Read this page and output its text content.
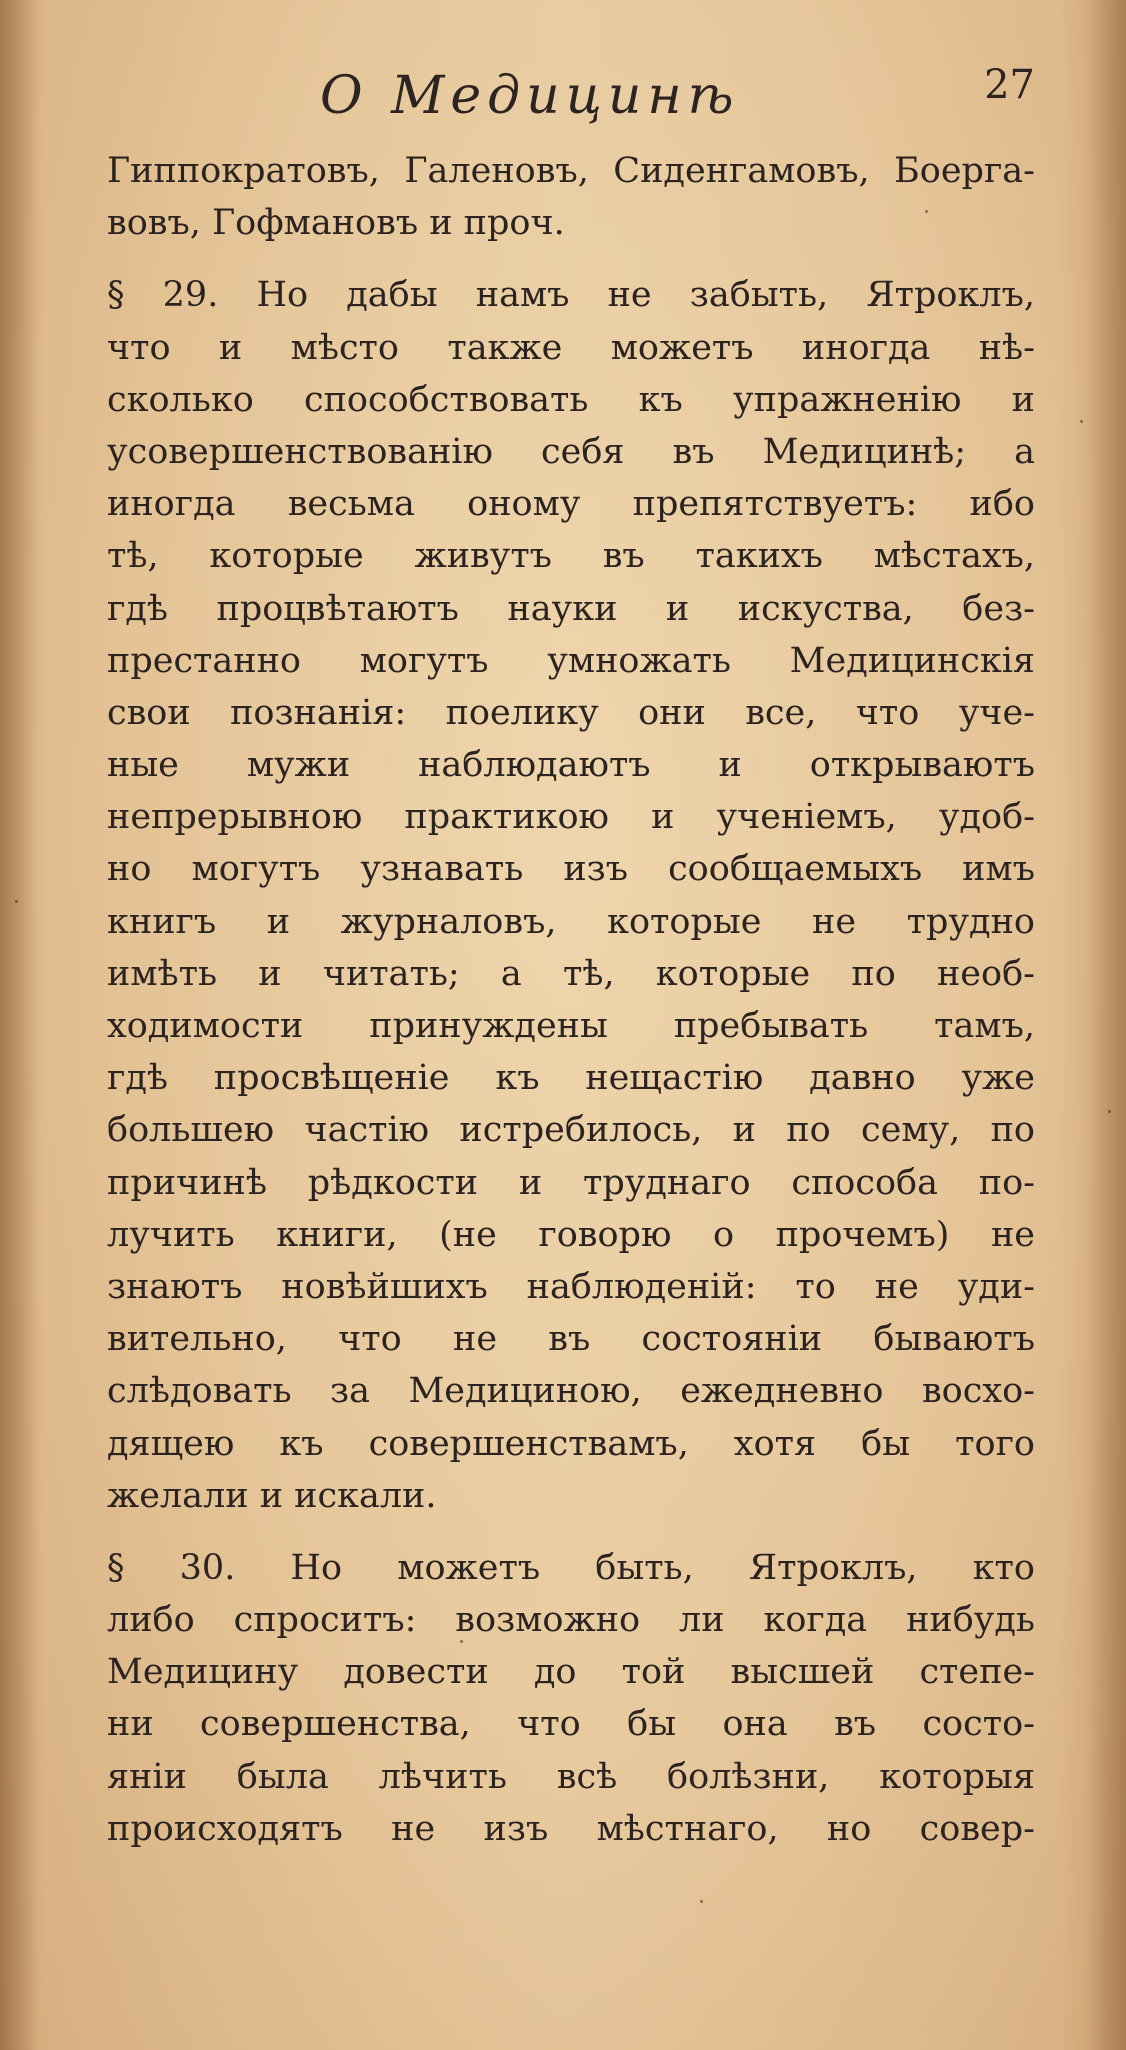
О Медицинѣ	27
Гиппократовъ, Галеновъ, Сиденгамовъ, Боерга-
вовъ, Гофмановъ и проч.
§ 29. Но дабы намъ не забыть, Ятроклъ,
что и мѣсто также можетъ иногда нѣ-
сколько способствовать къ упражненію и
усовершенствованію себя въ Медицинѣ; а
иногда весьма оному препятствуетъ: ибо
тѣ, которые живутъ въ такихъ мѣстахъ,
гдѣ процвѣтаютъ науки и искуства, без-
престанно могутъ умножать Медицинскія
свои познанія: поелику они все, что уче-
ные мужи наблюдаютъ и открываютъ
непрерывною практикою и ученіемъ, удоб-
но могутъ узнавать изъ сообщаемыхъ имъ
книгъ и журналовъ, которые не трудно
имѣть и читать; а тѣ, которые по необ-
ходимости принуждены пребывать тамъ,
гдѣ просвѣщеніе къ нещастію давно уже
большею частію истребилось, и по сему, по
причинѣ рѣдкости и труднаго способа по-
лучить книги, (не говорю о прочемъ) не
знаютъ новѣйшихъ наблюденій: то не уди-
вительно, что не въ состояніи бываютъ
слѣдовать за Медициною, ежедневно восхо-
дящею къ совершенствамъ, хотя бы того
желали и искали.
§ 30. Но можетъ быть, Ятроклъ, кто
либо спроситъ: возможно ли когда нибудь
Медицину довести до той высшей степе-
ни совершенства, что бы она въ состо-
яніи была лѣчить всѣ болѣзни, которыя
происходятъ не изъ мѣстнаго, но совер-
